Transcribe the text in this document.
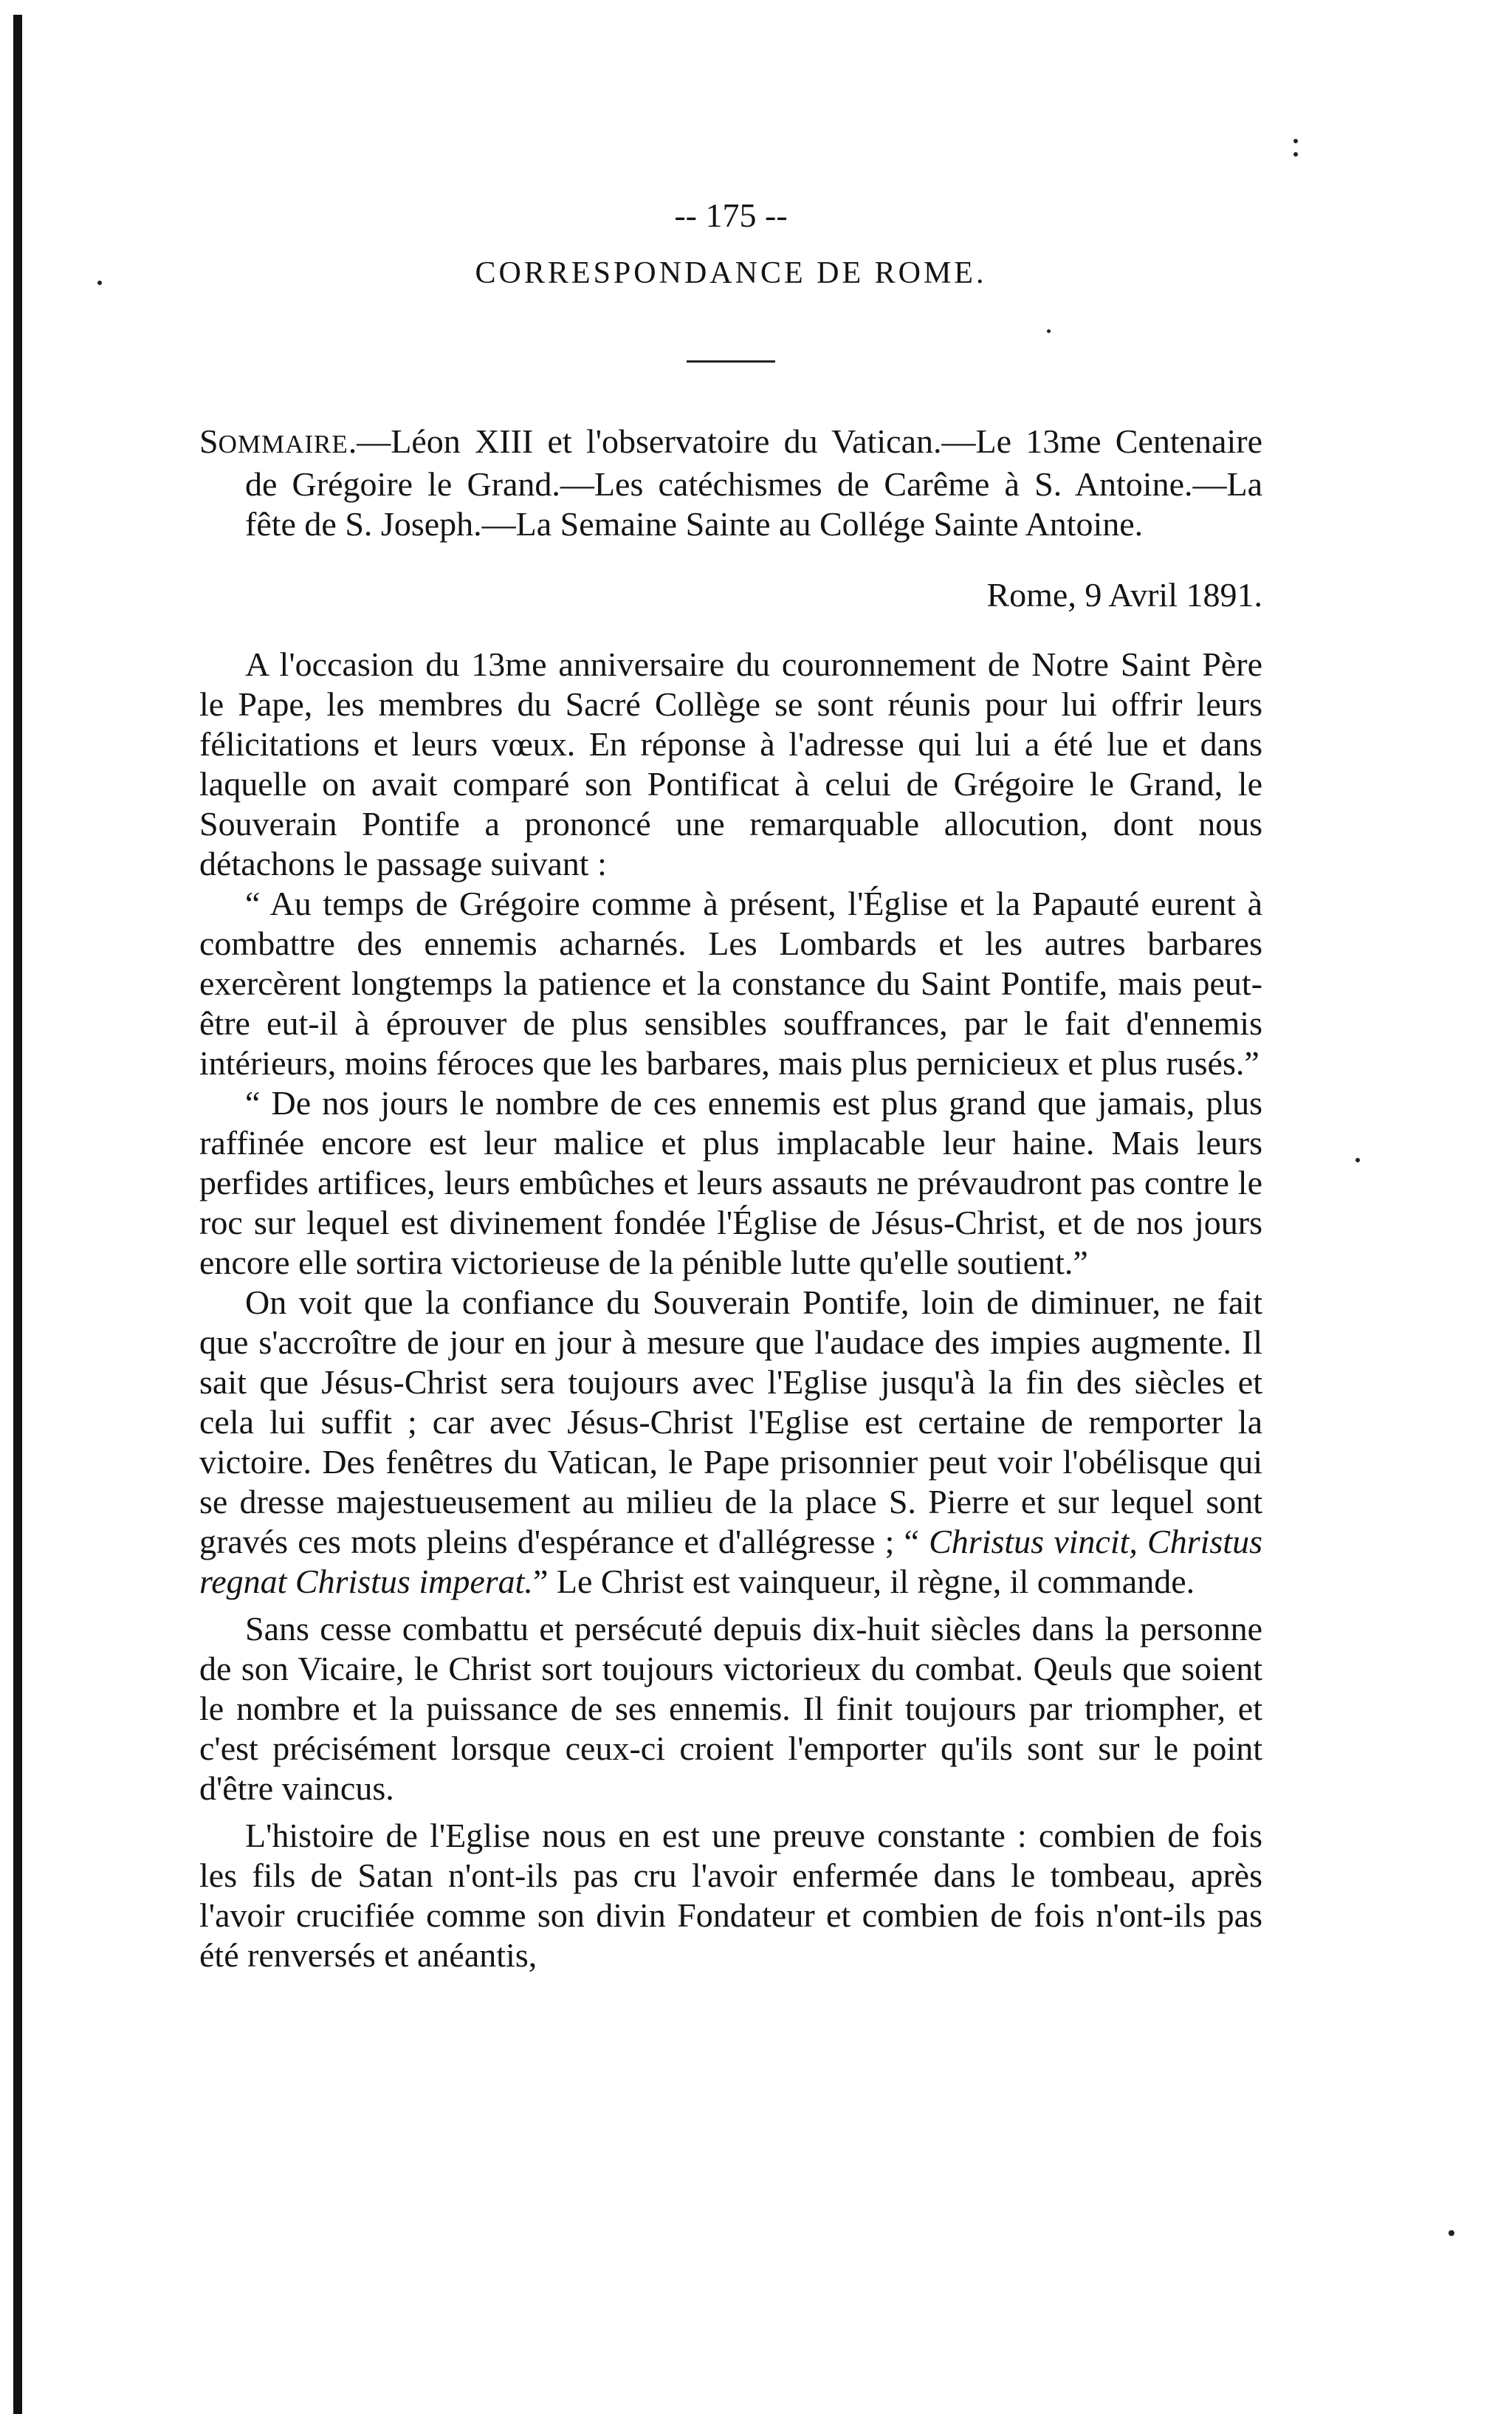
-- 175 --
CORRESPONDANCE DE ROME.
SOMMAIRE.—Léon XIII et l'observatoire du Vatican.—Le 13me Centenaire de Grégoire le Grand.—Les catéchismes de Carême à S. Antoine.—La fête de S. Joseph.—La Semaine Sainte au Collége Sainte Antoine.
Rome, 9 Avril 1891.

A l'occasion du 13me anniversaire du couronnement de Notre Saint Père le Pape, les membres du Sacré Collège se sont réunis pour lui offrir leurs félicitations et leurs vœux. En réponse à l'adresse qui lui a été lue et dans laquelle on avait comparé son Pontificat à celui de Grégoire le Grand, le Souverain Pontife a prononcé une remarquable allocution, dont nous détachons le passage suivant :

“ Au temps de Grégoire comme à présent, l'Église et la Papauté eurent à combattre des ennemis acharnés. Les Lombards et les autres barbares exercèrent longtemps la patience et la constance du Saint Pontife, mais peut-être eut-il à éprouver de plus sensibles souffrances, par le fait d'ennemis intérieurs, moins féroces que les barbares, mais plus pernicieux et plus rusés.”

“ De nos jours le nombre de ces ennemis est plus grand que jamais, plus raffinée encore est leur malice et plus implacable leur haine. Mais leurs perfides artifices, leurs embûches et leurs assauts ne prévaudront pas contre le roc sur lequel est divinement fondée l'Église de Jésus-Christ, et de nos jours encore elle sortira victorieuse de la pénible lutte qu'elle soutient.”

On voit que la confiance du Souverain Pontife, loin de diminuer, ne fait que s'accroître de jour en jour à mesure que l'audace des impies augmente. Il sait que Jésus-Christ sera toujours avec l'Eglise jusqu'à la fin des siècles et cela lui suffit ; car avec Jésus-Christ l'Eglise est certaine de remporter la victoire. Des fenêtres du Vatican, le Pape prisonnier peut voir l'obélisque qui se dresse majestueusement au milieu de la place S. Pierre et sur lequel sont gravés ces mots pleins d'espérance et d'allégresse ; “ Christus vincit, Christus regnat Christus imperat.” Le Christ est vainqueur, il règne, il commande.

Sans cesse combattu et persécuté depuis dix-huit siècles dans la personne de son Vicaire, le Christ sort toujours victorieux du combat. Qeuls que soient le nombre et la puissance de ses ennemis. Il finit toujours par triompher, et c'est précisément lorsque ceux-ci croient l'emporter qu'ils sont sur le point d'être vaincus.

L'histoire de l'Eglise nous en est une preuve constante : combien de fois les fils de Satan n'ont-ils pas cru l'avoir enfermée dans le tombeau, après l'avoir crucifiée comme son divin Fondateur et combien de fois n'ont-ils pas été renversés et anéantis,
